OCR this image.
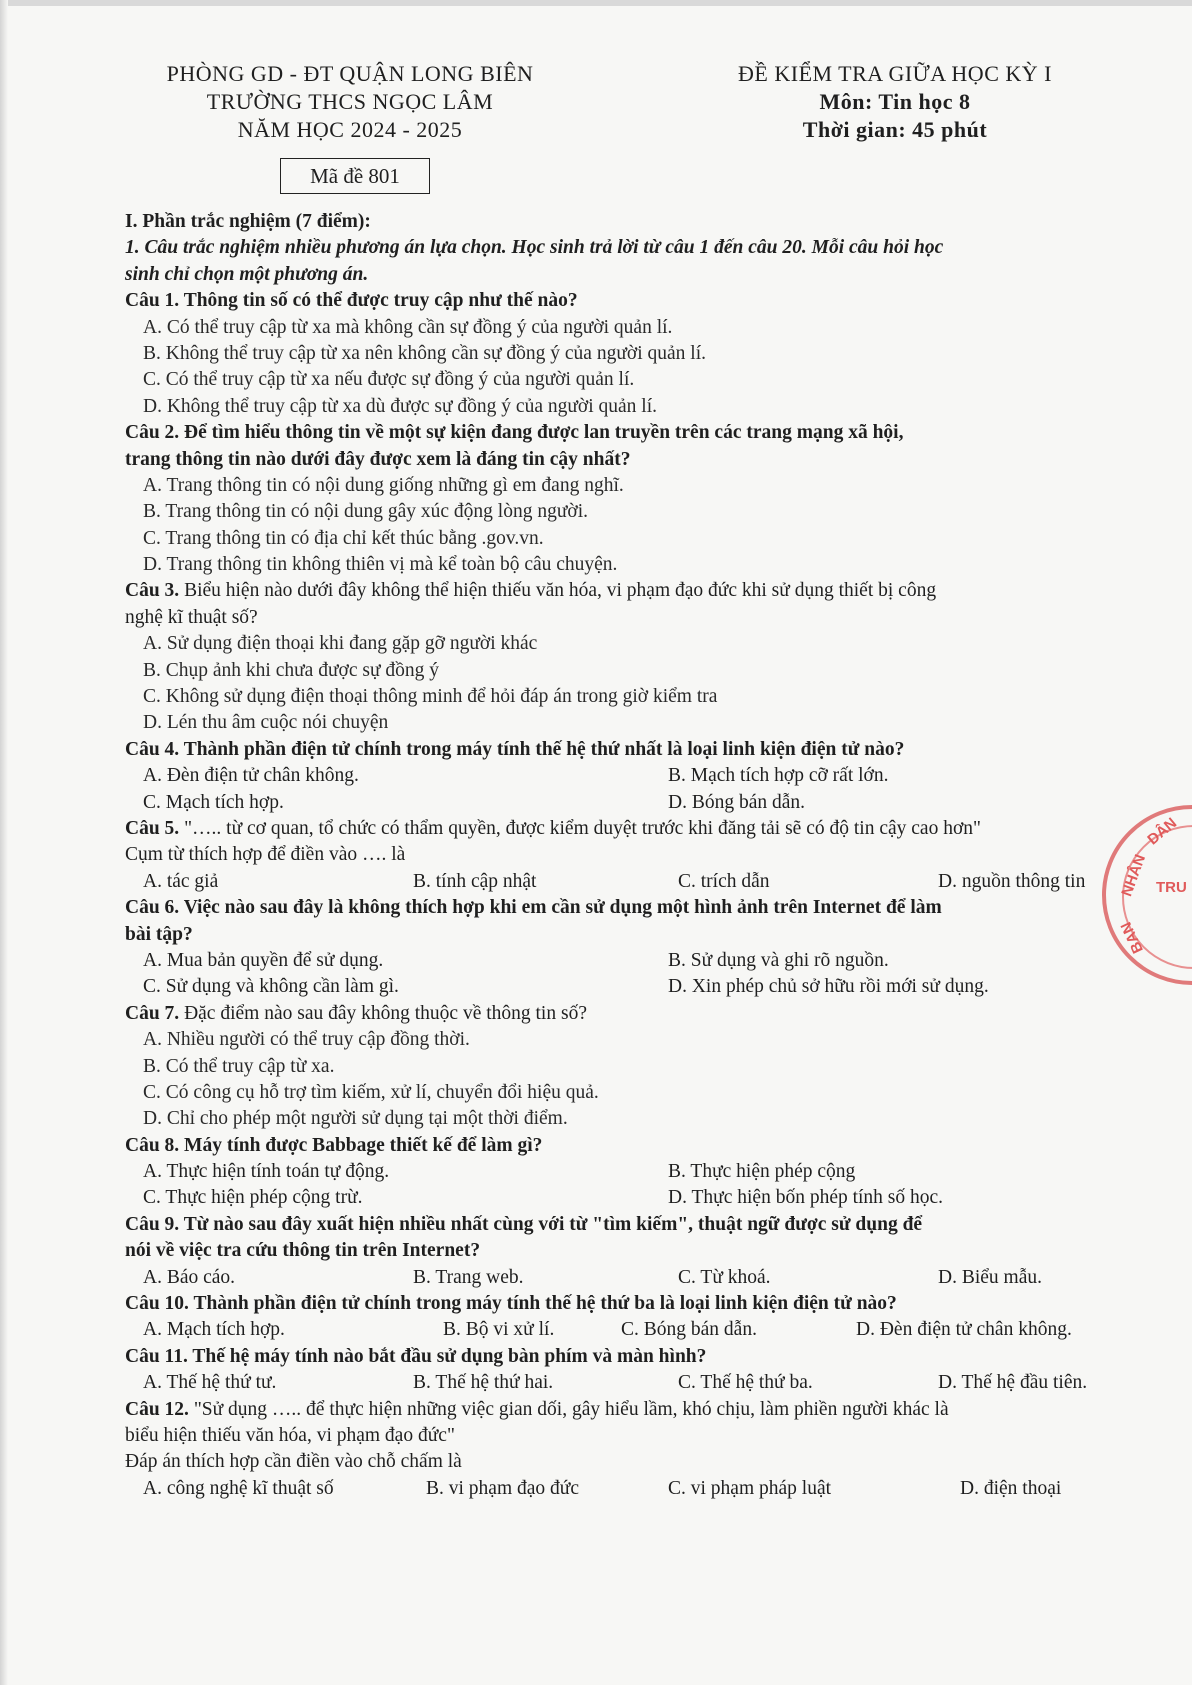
PHÒNG GD - ĐT QUẬN LONG BIÊN
TRƯỜNG THCS NGỌC LÂM
NĂM HỌC 2024 - 2025
ĐỀ KIỂM TRA GIỮA HỌC KỲ I
Môn: Tin học 8
Thời gian: 45 phút
Mã đề 801
I. Phần trắc nghiệm (7 điểm):
1. Câu trắc nghiệm nhiều phương án lựa chọn. Học sinh trả lời từ câu 1 đến câu 20. Mỗi câu hỏi học
sinh chỉ chọn một phương án.
Câu 1. Thông tin số có thể được truy cập như thế nào?
A. Có thể truy cập từ xa mà không cần sự đồng ý của người quản lí.
B. Không thể truy cập từ xa nên không cần sự đồng ý của người quản lí.
C. Có thể truy cập từ xa nếu được sự đồng ý của người quản lí.
D. Không thể truy cập từ xa dù được sự đồng ý của người quản lí.
Câu 2. Để tìm hiểu thông tin về một sự kiện đang được lan truyền trên các trang mạng xã hội,
trang thông tin nào dưới đây được xem là đáng tin cậy nhất?
A. Trang thông tin có nội dung giống những gì em đang nghĩ.
B. Trang thông tin có nội dung gây xúc động lòng người.
C. Trang thông tin có địa chỉ kết thúc bằng .gov.vn.
D. Trang thông tin không thiên vị mà kể toàn bộ câu chuyện.
Câu 3. Biểu hiện nào dưới đây không thể hiện thiếu văn hóa, vi phạm đạo đức khi sử dụng thiết bị công
nghệ kĩ thuật số?
A. Sử dụng điện thoại khi đang gặp gỡ người khác
B. Chụp ảnh khi chưa được sự đồng ý
C. Không sử dụng điện thoại thông minh để hỏi đáp án trong giờ kiểm tra
D. Lén thu âm cuộc nói chuyện
Câu 4. Thành phần điện tử chính trong máy tính thế hệ thứ nhất là loại linh kiện điện tử nào?
A. Đèn điện tử chân không.	B. Mạch tích hợp cỡ rất lớn.
C. Mạch tích hợp.	D. Bóng bán dẫn.
Câu 5. "….. từ cơ quan, tổ chức có thẩm quyền, được kiểm duyệt trước khi đăng tải sẽ có độ tin cậy cao hơn"
Cụm từ thích hợp để điền vào …. là
A. tác giả	B. tính cập nhật	C. trích dẫn	D. nguồn thông tin
Câu 6. Việc nào sau đây là không thích hợp khi em cần sử dụng một hình ảnh trên Internet để làm
bài tập?
A. Mua bản quyền để sử dụng.	B. Sử dụng và ghi rõ nguồn.
C. Sử dụng và không cần làm gì.	D. Xin phép chủ sở hữu rồi mới sử dụng.
Câu 7. Đặc điểm nào sau đây không thuộc về thông tin số?
A. Nhiều người có thể truy cập đồng thời.
B. Có thể truy cập từ xa.
C. Có công cụ hỗ trợ tìm kiếm, xử lí, chuyển đổi hiệu quả.
D. Chỉ cho phép một người sử dụng tại một thời điểm.
Câu 8. Máy tính được Babbage thiết kế để làm gì?
A. Thực hiện tính toán tự động.	B. Thực hiện phép cộng
C. Thực hiện phép cộng trừ.	D. Thực hiện bốn phép tính số học.
Câu 9. Từ nào sau đây xuất hiện nhiều nhất cùng với từ "tìm kiếm", thuật ngữ được sử dụng để
nói về việc tra cứu thông tin trên Internet?
A. Báo cáo.	B. Trang web.	C. Từ khoá.	D. Biểu mẫu.
Câu 10. Thành phần điện tử chính trong máy tính thế hệ thứ ba là loại linh kiện điện tử nào?
A. Mạch tích hợp.	B. Bộ vi xử lí.	C. Bóng bán dẫn.	D. Đèn điện tử chân không.
Câu 11. Thế hệ máy tính nào bắt đầu sử dụng bàn phím và màn hình?
A. Thế hệ thứ tư.	B. Thế hệ thứ hai.	C. Thế hệ thứ ba.	D. Thế hệ đầu tiên.
Câu 12. "Sử dụng ….. để thực hiện những việc gian dối, gây hiểu lầm, khó chịu, làm phiền người khác là
biểu hiện thiếu văn hóa, vi phạm đạo đức"
Đáp án thích hợp cần điền vào chỗ chấm là
A. công nghệ kĩ thuật số	B. vi phạm đạo đức	C. vi phạm pháp luật	D. điện thoại
DÂN
NHÂN
BAN
TRU
